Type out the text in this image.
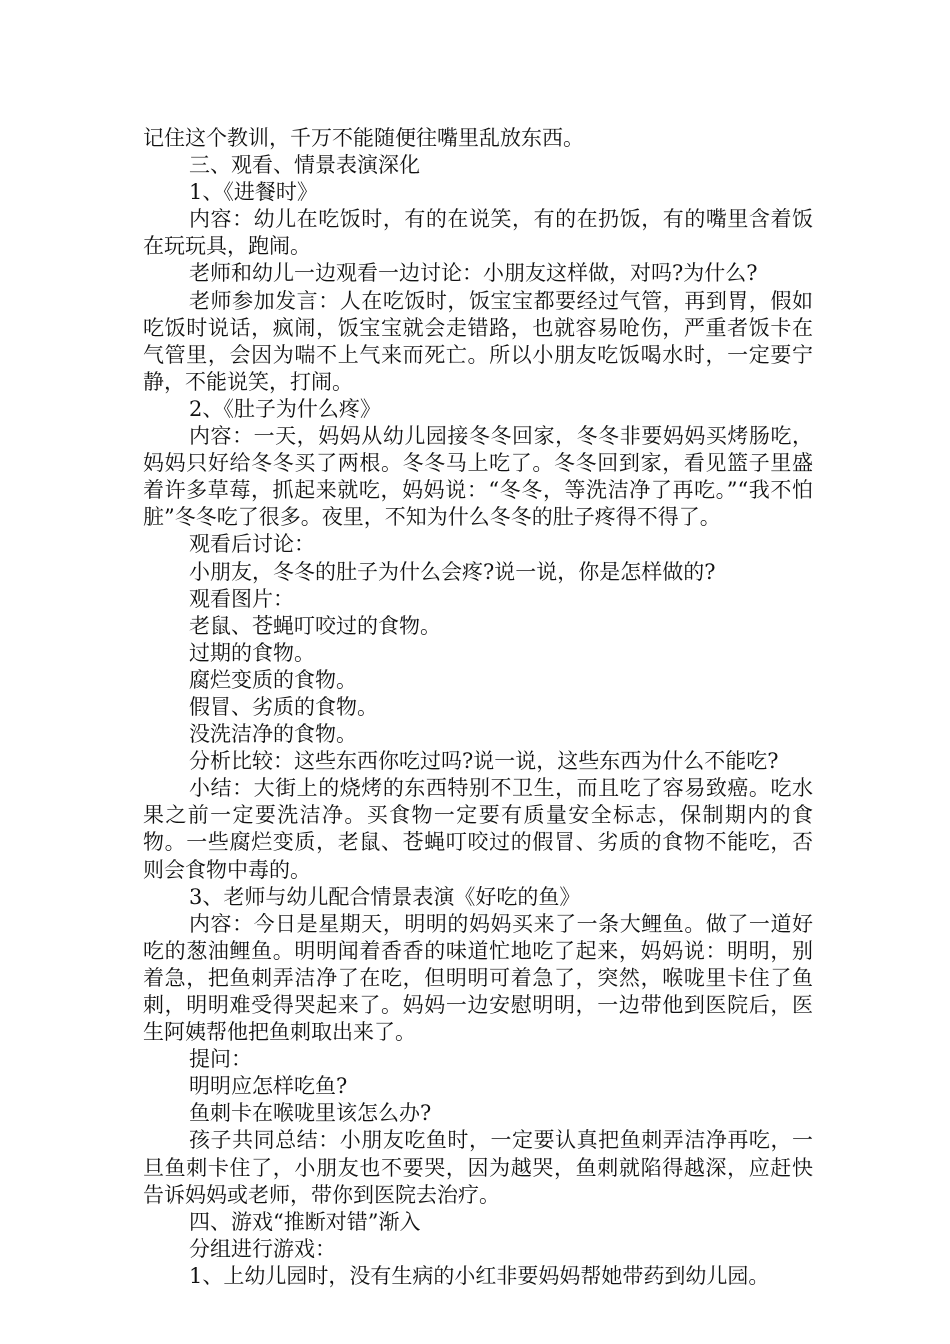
记住这个教训，千万不能随便往嘴里乱放东西。

三、观看、情景表演深化

1、《进餐时》

内容：幼儿在吃饭时，有的在说笑，有的在扔饭，有的嘴里含着饭在玩玩具，跑闹。

老师和幼儿一边观看一边讨论：小朋友这样做，对吗?为什么?

老师参加发言：人在吃饭时，饭宝宝都要经过气管，再到胃，假如吃饭时说话，疯闹，饭宝宝就会走错路，也就容易呛伤，严重者饭卡在气管里，会因为喘不上气来而死亡。所以小朋友吃饭喝水时，一定要宁静，不能说笑，打闹。

2、《肚子为什么疼》

内容：一天，妈妈从幼儿园接冬冬回家，冬冬非要妈妈买烤肠吃，妈妈只好给冬冬买了两根。冬冬马上吃了。冬冬回到家，看见篮子里盛着许多草莓，抓起来就吃，妈妈说：“冬冬，等洗洁净了再吃。”“我不怕脏”冬冬吃了很多。夜里，不知为什么冬冬的肚子疼得不得了。

观看后讨论：

小朋友，冬冬的肚子为什么会疼?说一说，你是怎样做的?

观看图片：

老鼠、苍蝇叮咬过的食物。

过期的食物。

腐烂变质的食物。

假冒、劣质的食物。

没洗洁净的食物。

分析比较：这些东西你吃过吗?说一说，这些东西为什么不能吃?

小结：大街上的烧烤的东西特别不卫生，而且吃了容易致癌。吃水果之前一定要洗洁净。买食物一定要有质量安全标志，保制期内的食物。一些腐烂变质，老鼠、苍蝇叮咬过的假冒、劣质的食物不能吃，否则会食物中毒的。

3、老师与幼儿配合情景表演《好吃的鱼》

内容：今日是星期天，明明的妈妈买来了一条大鲤鱼。做了一道好吃的葱油鲤鱼。明明闻着香香的味道忙地吃了起来，妈妈说：明明，别着急，把鱼刺弄洁净了在吃，但明明可着急了，突然，喉咙里卡住了鱼刺，明明难受得哭起来了。妈妈一边安慰明明，一边带他到医院后，医生阿姨帮他把鱼刺取出来了。

提问：

明明应怎样吃鱼?

鱼刺卡在喉咙里该怎么办?

孩子共同总结：小朋友吃鱼时，一定要认真把鱼刺弄洁净再吃，一旦鱼刺卡住了，小朋友也不要哭，因为越哭，鱼刺就陷得越深，应赶快告诉妈妈或老师，带你到医院去治疗。

四、游戏“推断对错”渐入

分组进行游戏：

1、上幼儿园时，没有生病的小红非要妈妈帮她带药到幼儿园。
